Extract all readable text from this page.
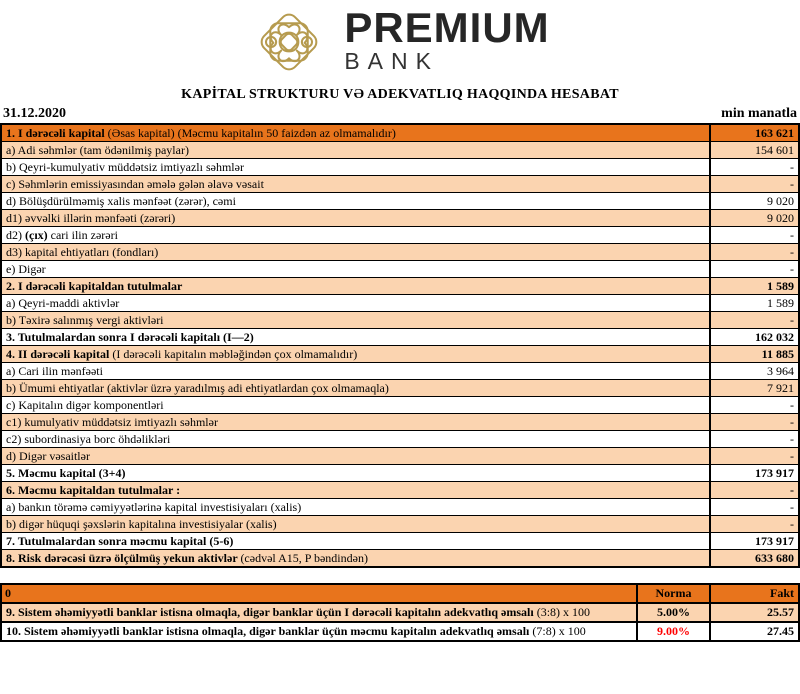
PREMIUM
BANK
KAPİTAL STRUKTURU VƏ ADEKVATLIQ HAQQINDA HESABAT
31.12.2020	min manatla
1. I dərəcəli kapital (Əsas kapital) (Məcmu kapitalın 50 faizdən az olmamalıdır)	163 621
a) Adi səhmlər (tam ödənilmiş paylar)	154 601
b) Qeyri-kumulyativ müddətsiz imtiyazlı səhmlər	-
c) Səhmlərin emissiyasından əmələ gələn əlavə vəsait	-
d) Bölüşdürülməmiş xalis mənfəət (zərər), cəmi	9 020
d1) əvvəlki illərin mənfəəti (zərəri)	9 020
d2) (çıx) cari ilin zərəri	-
d3) kapital ehtiyatları (fondları)	-
e) Digər	-
2. I dərəcəli kapitaldan tutulmalar	1 589
a) Qeyri-maddi aktivlər	1 589
b) Təxirə salınmış vergi aktivləri	-
3. Tutulmalardan sonra I dərəcəli kapitalı (I—2)	162 032
4. II dərəcəli kapital (I dərəcəli kapitalın məbləğindən çox olmamalıdır)	11 885
a) Cari ilin mənfəəti	3 964
b) Ümumi ehtiyatlar (aktivlər üzrə yaradılmış adi ehtiyatlardan çox olmamaqla)	7 921
c) Kapitalın digər komponentləri	-
c1) kumulyativ müddətsiz imtiyazlı səhmlər	-
c2) subordinasiya borc öhdəlikləri	-
d) Digər vəsaitlər	-
5. Məcmu kapital (3+4)	173 917
6. Məcmu kapitaldan tutulmalar :	-
a) bankın törəmə cəmiyyətlərinə kapital investisiyaları (xalis)	-
b) digər hüquqi şəxslərin kapitalına investisiyalar (xalis)	-
7. Tutulmalardan sonra məcmu kapital (5-6)	173 917
8. Risk dərəcəsi üzrə ölçülmüş yekun aktivlər (cədvəl A15, P bəndindən)	633 680
0	Norma	Fakt
9. Sistem əhəmiyyətli banklar istisna olmaqla, digər banklar üçün I dərəcəli kapitalın adekvatlıq əmsalı (3:8) x 100	5.00%	25.57
10. Sistem əhəmiyyətli banklar istisna olmaqla, digər banklar üçün məcmu kapitalın adekvatlıq əmsalı (7:8) x 100	9.00%	27.45
